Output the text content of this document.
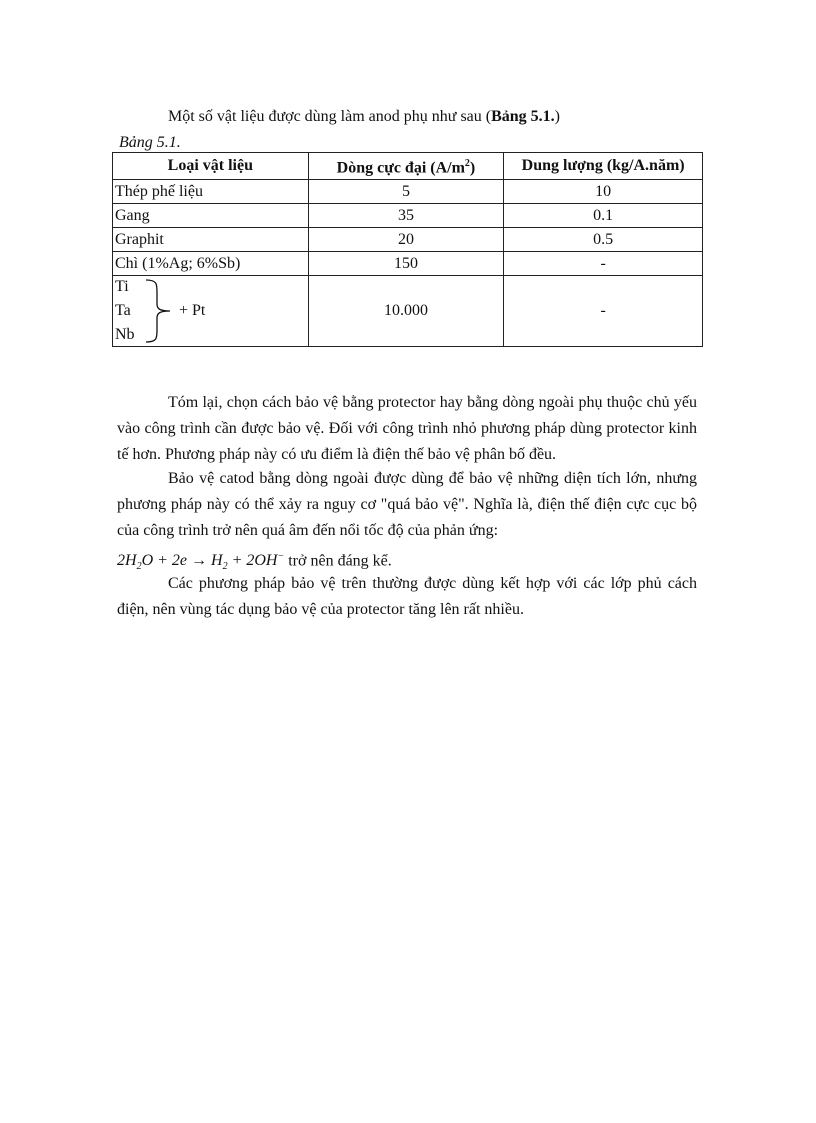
Một số vật liệu được dùng làm anod phụ như sau (Bảng 5.1.)
Bảng 5.1.
Loại vật liệu	Dòng cực đại $(A/m^2)$	Dung lượng (kg/A.năm)
Thép phế liệu	5	10
Gang	35	0.1
Graphit	20	0.5
Chì (1%Ag; 6%Sb)	150	-

Ti
Ta
Nb
+ Pt	10.000	-
Tóm lại, chọn cách bảo vệ bằng protector hay bằng dòng ngoài phụ thuộc chủ yếu vào công trình cần được bảo vệ. Đối với công trình nhỏ phương pháp dùng protector kinh tế hơn. Phương pháp này có ưu điểm là điện thế bảo vệ phân bố đều.
Bảo vệ catod bằng dòng ngoài được dùng để bảo vệ những diện tích lớn, nhưng phương pháp này có thể xảy ra nguy cơ "quá bảo vệ". Nghĩa là, điện thế điện cực cục bộ của công trình trở nên quá âm đến nổi tốc độ của phản ứng:
$2H_2O + 2e \to H_2 + 2OH^-$ trở nên đáng kể.
Các phương pháp bảo vệ trên thường được dùng kết hợp với các lớp phủ cách điện, nên vùng tác dụng bảo vệ của protector tăng lên rất nhiều.
